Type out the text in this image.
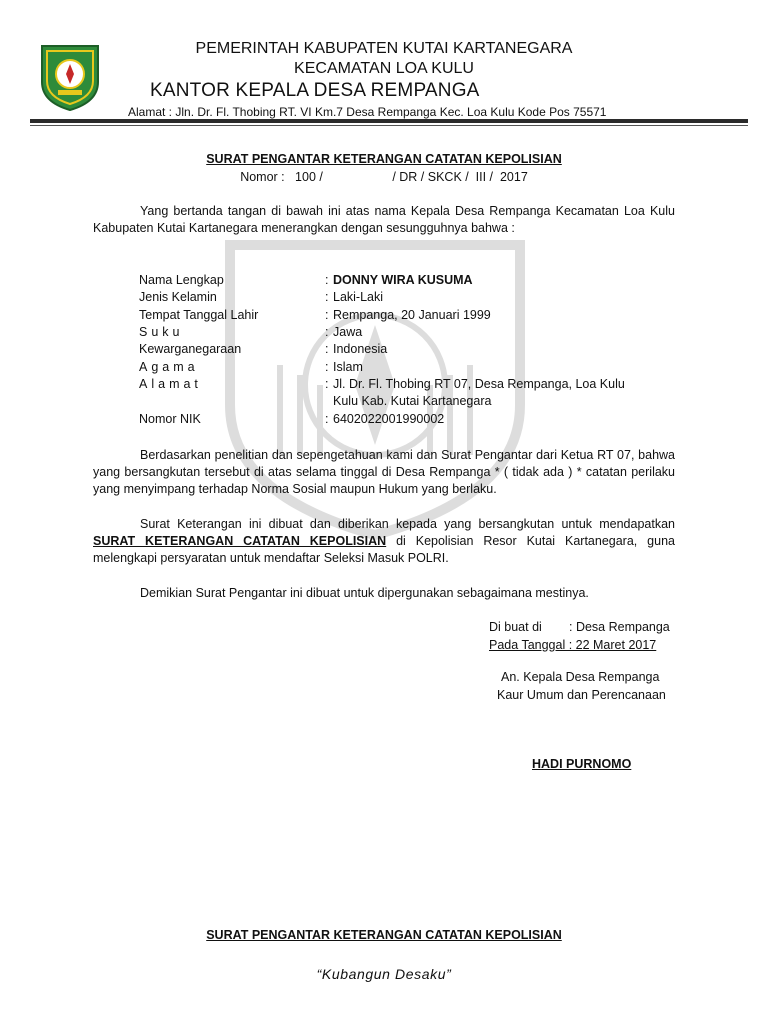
PEMERINTAH KABUPATEN KUTAI KARTANEGARA
KECAMATAN LOA KULU
KANTOR KEPALA DESA REMPANGA
Alamat : Jln. Dr. Fl. Thobing RT. VI Km.7 Desa Rempanga Kec. Loa Kulu Kode Pos 75571
SURAT PENGANTAR KETERANGAN CATATAN KEPOLISIAN
Nomor :   100 /                    / DR / SKCK /  III /  2017
Yang bertanda tangan di bawah ini atas nama Kepala Desa Rempanga Kecamatan Loa Kulu Kabupaten Kutai Kartanegara menerangkan dengan sesungguhnya bahwa :
Nama Lengkap	: DONNY WIRA KUSUMA
Jenis Kelamin	: Laki-Laki
Tempat Tanggal Lahir	: Rempanga, 20 Januari 1999
Suku	: Jawa
Kewarganegaraan	: Indonesia
Agama	: Islam
Alamat	: Jl. Dr. Fl. Thobing RT 07, Desa Rempanga, Loa Kulu
Kulu Kab. Kutai Kartanegara
Nomor NIK	: 6402022001990002
Berdasarkan penelitian dan sepengetahuan kami dan Surat Pengantar dari Ketua RT 07, bahwa yang bersangkutan tersebut di atas selama tinggal di Desa Rempanga * ( tidak ada ) * catatan perilaku yang menyimpang terhadap Norma Sosial maupun Hukum yang berlaku.
Surat Keterangan ini dibuat dan diberikan kepada yang bersangkutan untuk mendapatkan SURAT KETERANGAN CATATAN KEPOLISIAN di Kepolisian Resor Kutai Kartanegara, guna melengkapi persyaratan untuk mendaftar Seleksi Masuk POLRI.
Demikian Surat Pengantar ini dibuat untuk dipergunakan sebagaimana mestinya.
Di buat di : Desa Rempanga
Pada Tanggal : 22 Maret 2017
An. Kepala Desa Rempanga
Kaur Umum dan Perencanaan
HADI PURNOMO
SURAT PENGANTAR KETERANGAN CATATAN KEPOLISIAN
“Kubangun Desaku”
